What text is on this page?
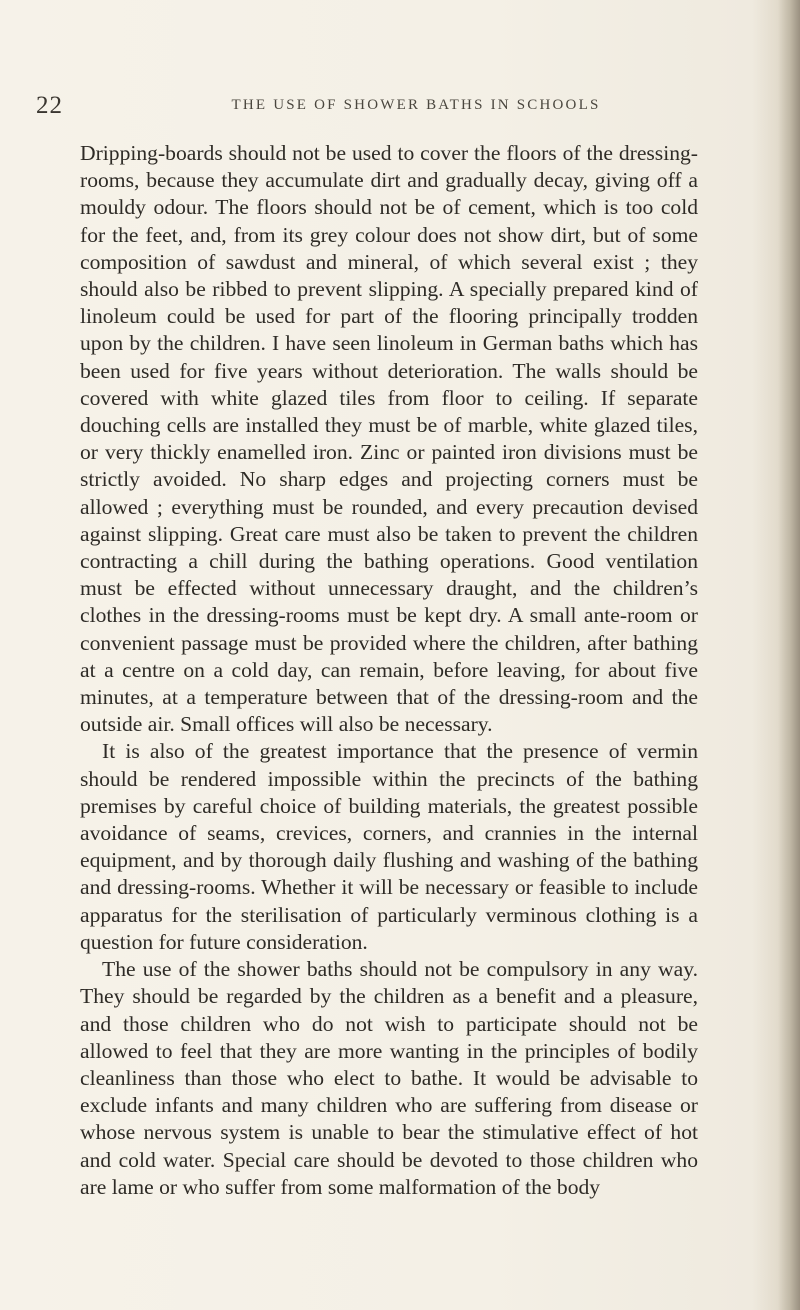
22	THE USE OF SHOWER BATHS IN SCHOOLS

Dripping-boards should not be used to cover the floors of the dressing-rooms, because they accumulate dirt and gradually decay, giving off a mouldy odour. The floors should not be of cement, which is too cold for the feet, and, from its grey colour does not show dirt, but of some composition of sawdust and mineral, of which several exist ; they should also be ribbed to prevent slipping. A specially prepared kind of linoleum could be used for part of the flooring principally trodden upon by the children. I have seen linoleum in German baths which has been used for five years without deterioration. The walls should be covered with white glazed tiles from floor to ceiling. If separate douching cells are installed they must be of marble, white glazed tiles, or very thickly enamelled iron. Zinc or painted iron divisions must be strictly avoided. No sharp edges and projecting corners must be allowed ; everything must be rounded, and every precaution devised against slipping. Great care must also be taken to prevent the children contracting a chill during the bathing operations. Good ventilation must be effected without unnecessary draught, and the children’s clothes in the dressing-rooms must be kept dry. A small ante-room or convenient passage must be provided where the children, after bathing at a centre on a cold day, can remain, before leaving, for about five minutes, at a temperature between that of the dressing-room and the outside air. Small offices will also be necessary.

It is also of the greatest importance that the presence of vermin should be rendered impossible within the precincts of the bathing premises by careful choice of building materials, the greatest possible avoidance of seams, crevices, corners, and crannies in the internal equipment, and by thorough daily flushing and washing of the bathing and dressing-rooms. Whether it will be necessary or feasible to include apparatus for the sterilisation of particularly verminous clothing is a question for future consideration.

The use of the shower baths should not be compulsory in any way. They should be regarded by the children as a benefit and a pleasure, and those children who do not wish to participate should not be allowed to feel that they are more wanting in the principles of bodily cleanliness than those who elect to bathe. It would be advisable to exclude infants and many children who are suffering from disease or whose nervous system is unable to bear the stimulative effect of hot and cold water. Special care should be devoted to those children who are lame or who suffer from some malformation of the body
